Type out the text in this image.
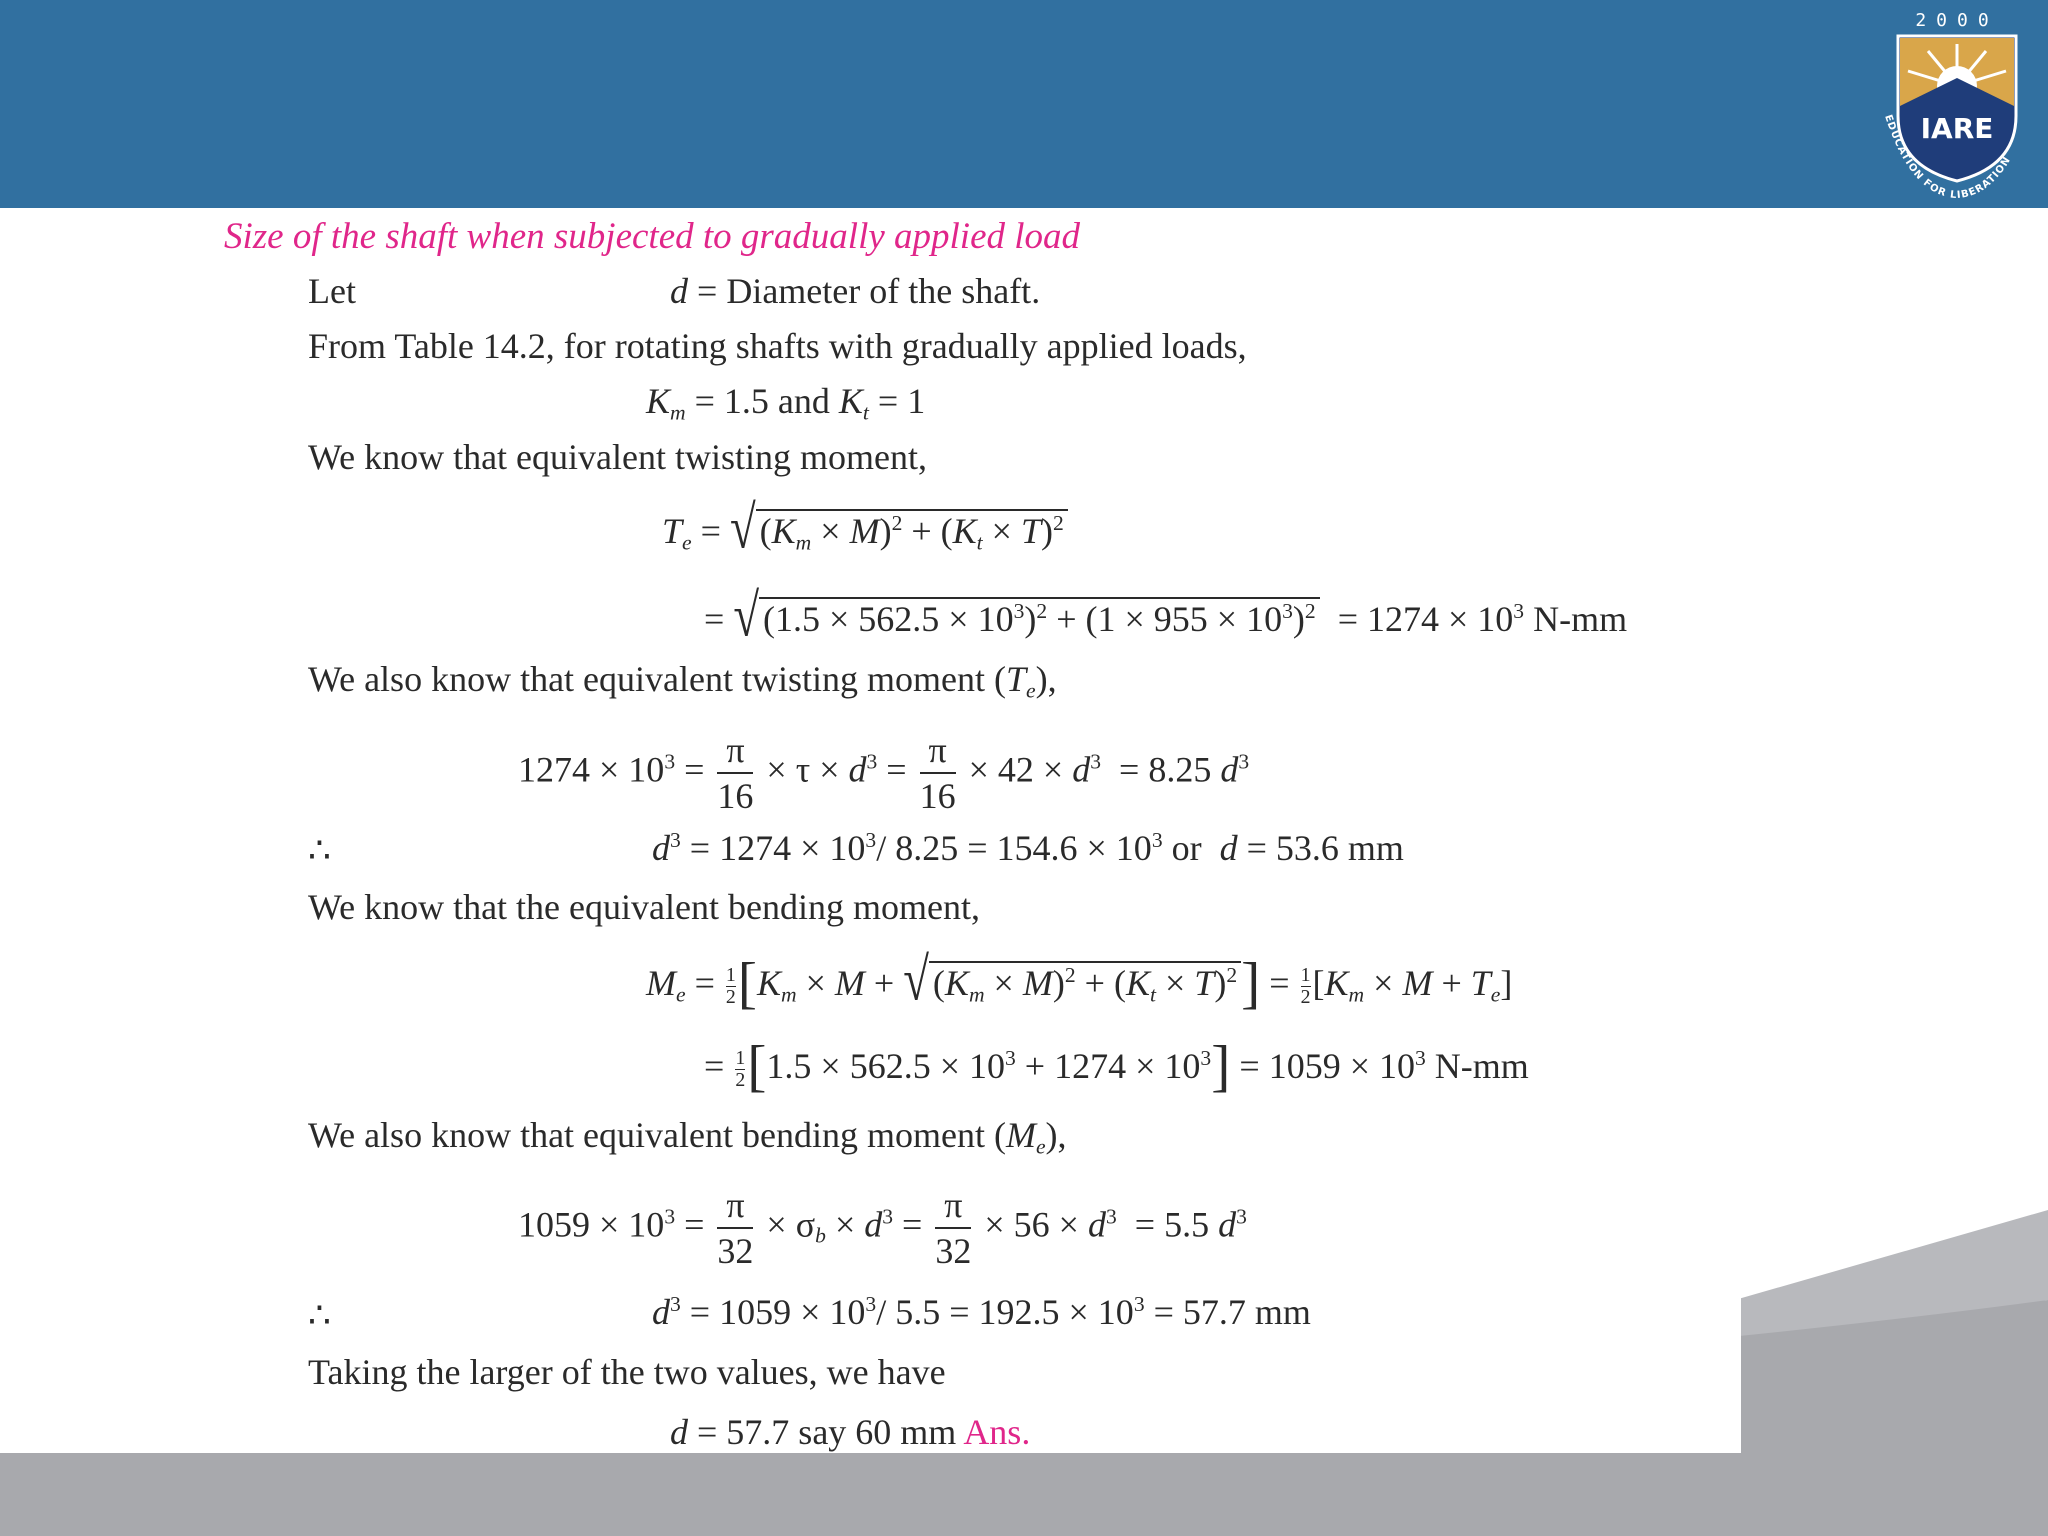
2000
IARE
EDUCATION FOR LIBERATION
Size of the shaft when subjected to gradually applied load
Let	d = Diameter of the shaft.
From Table 14.2, for rotating shafts with gradually applied loads,
$K_m = 1.5$ and $K_t = 1$
We know that equivalent twisting moment,
$T_e$ = √ $(K_m \times M)^2 + (K_t \times T)^2$
= √ $(1.5 \times 562.5 \times 10^3)^2 + (1 \times 955 \times 10^3)^2 = 1274 \times 10^3$ N-mm
We also know that equivalent twisting moment $(T_e)$,
$1274 \times 10^3 = \frac{\pi}{16} \times \tau \times d^3 = \frac{\pi}{16} \times 42 \times d^3 = 8.25$ $d^3$
∴	$d^3 = 1274 \times 10^3/$ $8.25 = 154.6 \times 10^3$ or  d = 53.6 mm
We know that the equivalent bending moment,
$M_e = \frac{1}{2} [K_m \times M$ + √ $(K_m \times M)^2 + (K_t \times T)^2] = \frac{1}{2} [K_m \times M + T_e]$
= $\frac{1}{2} [1.5 \times 562.5 \times 10^3 + 1274 \times 10^3] = 1059 \times 10^3$ N-mm
We also know that equivalent bending moment $(M_e)$,
$1059 \times 10^3 = \frac{\pi}{32} \times \sigma_b \times d^3 = \frac{\pi}{32} \times 56 \times d^3 = 5.5$ $d^3$
∴	$d^3 = 1059 \times 10^3/$ $5.5 = 192.5 \times 10^3 = 57.7$ mm
Taking the larger of the two values, we have
d = 57.7 say 60 mm Ans.
